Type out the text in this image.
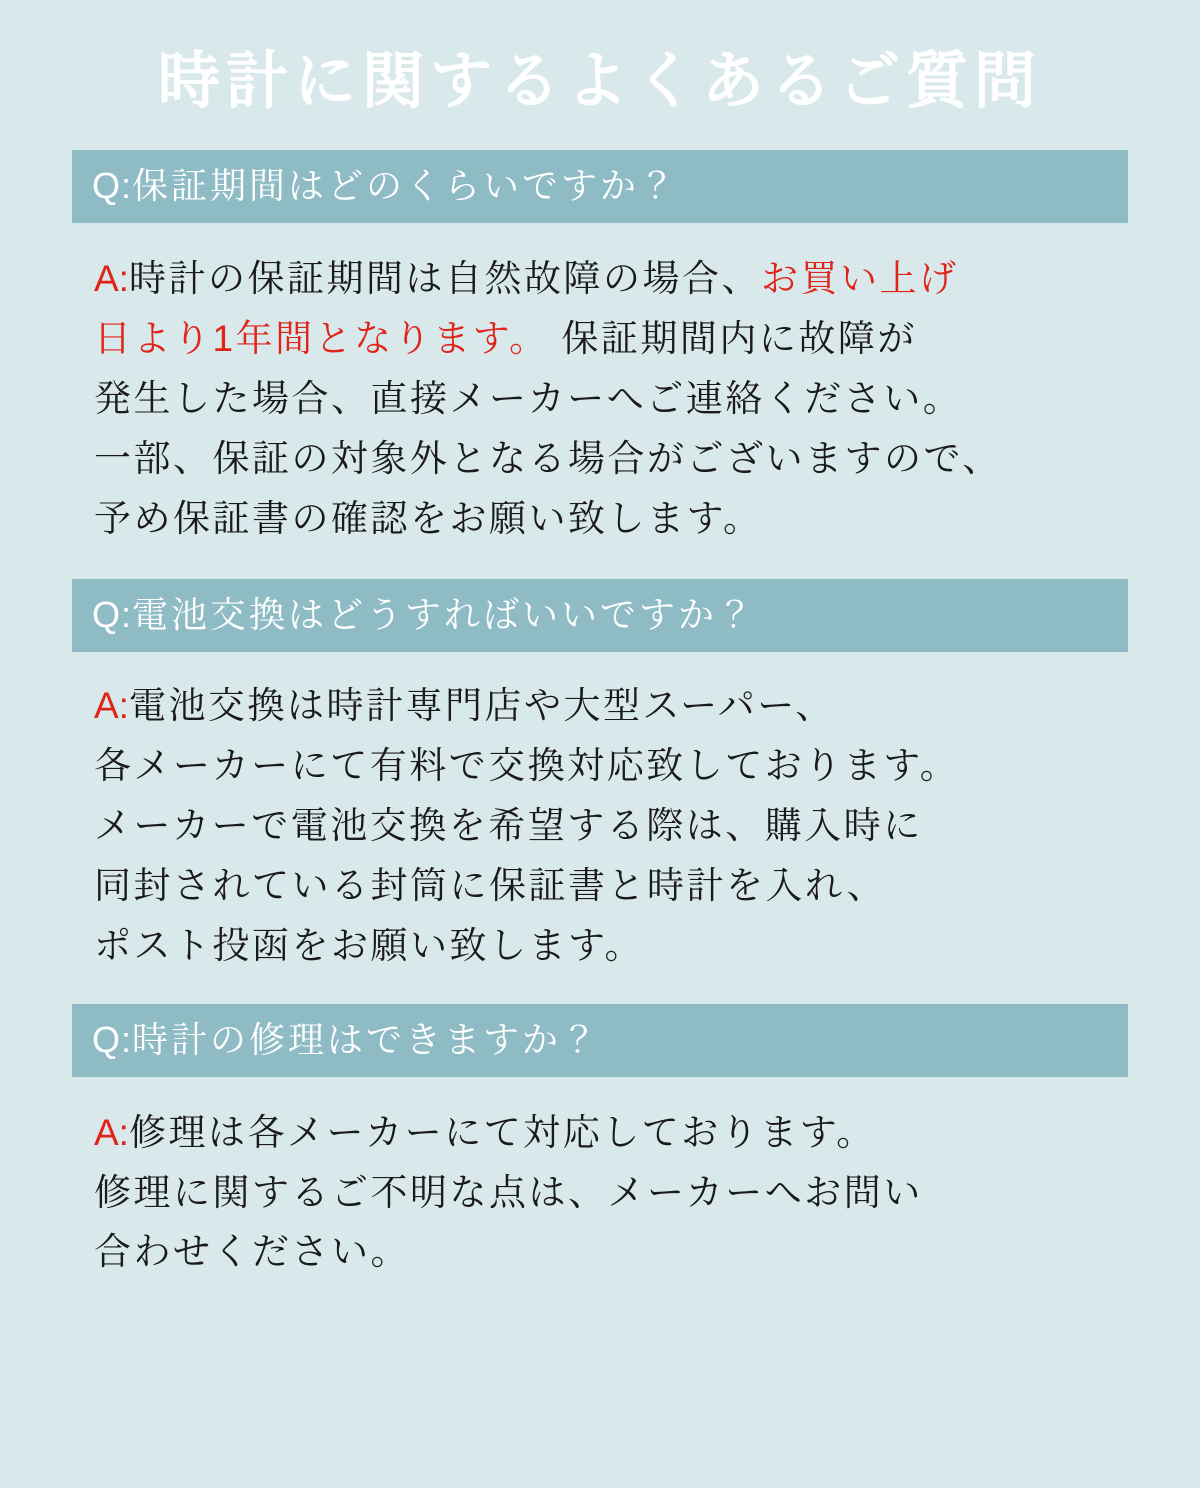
時計に関するよくあるご質問
Q:保証期間はどのくらいですか？
A:時計の保証期間は自然故障の場合、お買い上げ
日より1年間となります。 保証期間内に故障が
発生した場合、直接メーカーへご連絡ください。
一部、保証の対象外となる場合がございますので、
予め保証書の確認をお願い致します。
Q:電池交換はどうすればいいですか？
A:電池交換は時計専門店や大型スーパー、
各メーカーにて有料で交換対応致しております。
メーカーで電池交換を希望する際は、購入時に
同封されている封筒に保証書と時計を入れ、
ポスト投函をお願い致します。
Q:時計の修理はできますか？
A:修理は各メーカーにて対応しております。
修理に関するご不明な点は、メーカーへお問い
合わせください。
